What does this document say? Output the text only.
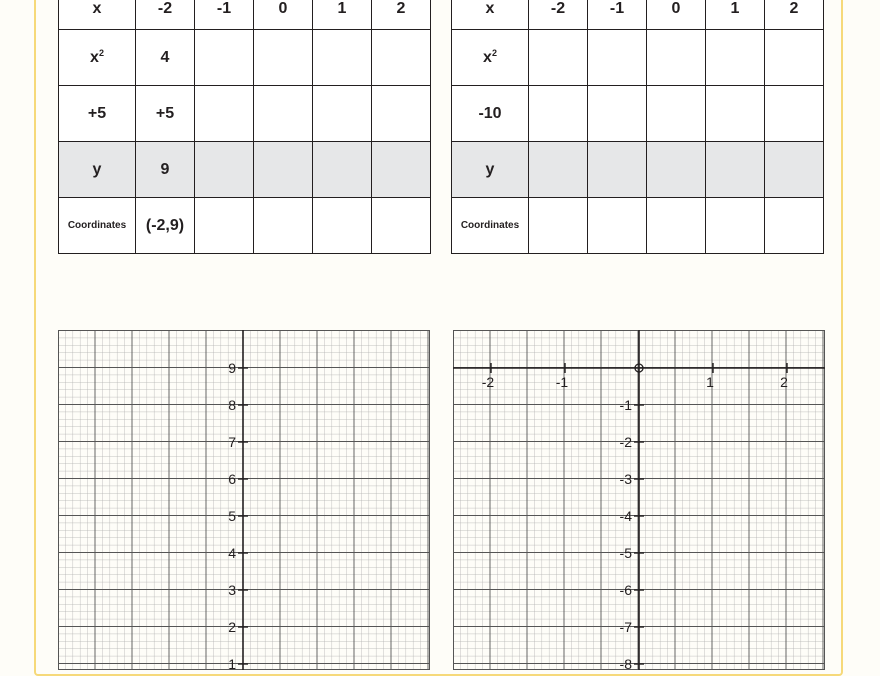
x	-2	-1	0	1	2
$x^2$	4				
+5	+5				
y	9				
Coordinates	(-2,9)				
x	-2	-1	0	1	2
$x^2$					
-10					
y					
Coordinates					
9
8
7
6
5
4
3
2
1
-2	-1	1	2
-1
-2
-3
-4
-5
-6
-7
-8
